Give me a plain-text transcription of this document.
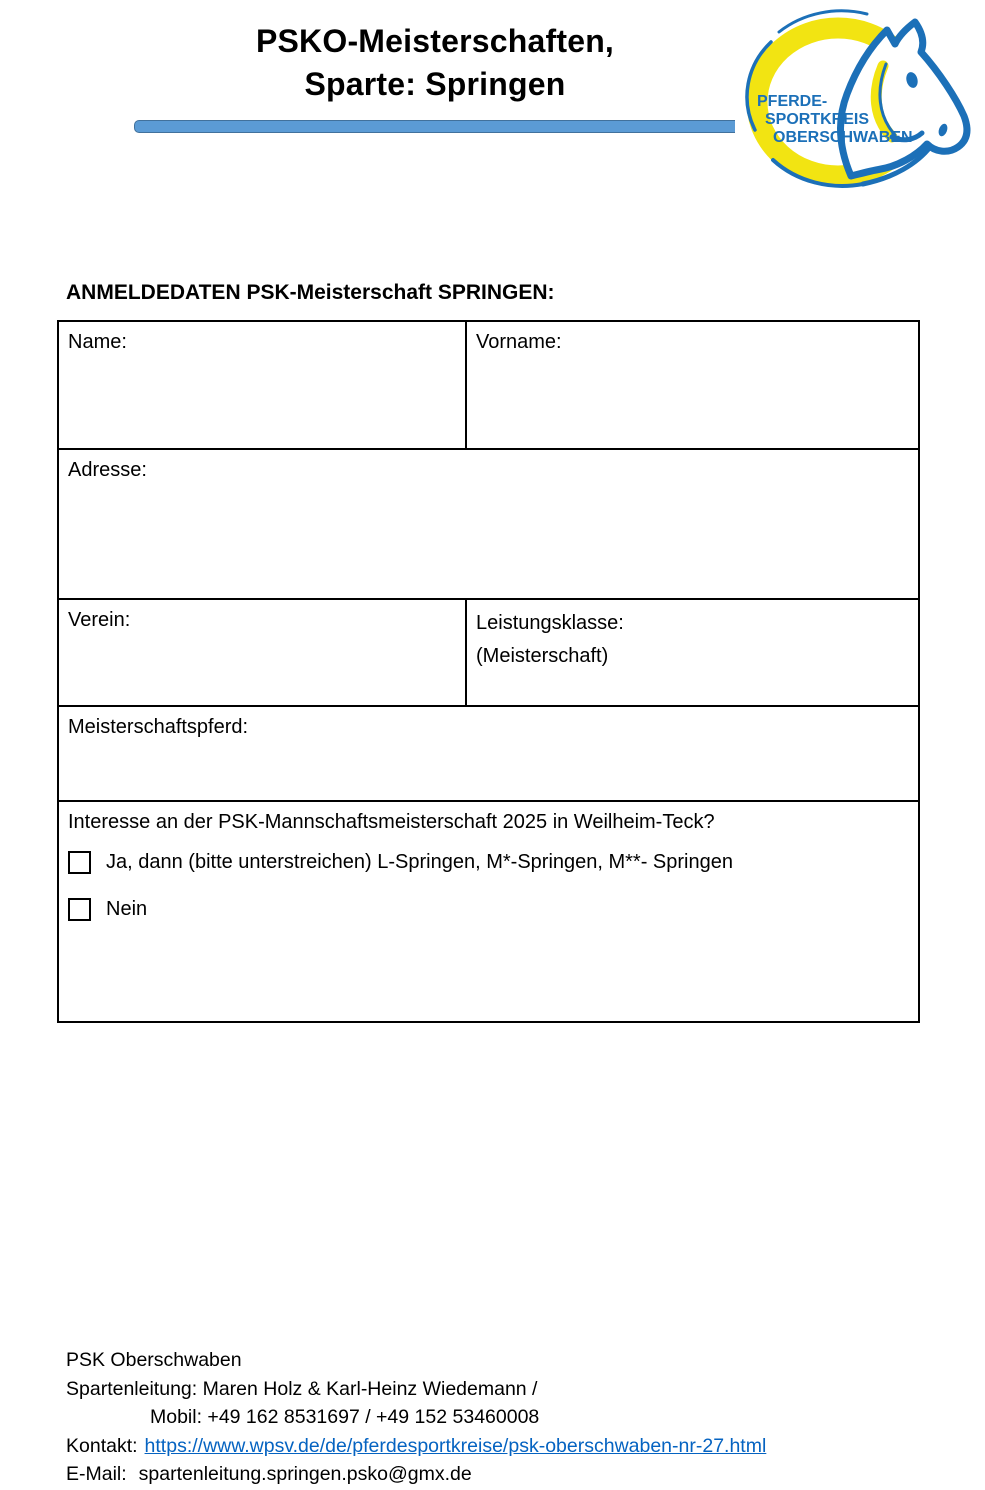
PSKO-Meisterschaften,
Sparte: Springen	PFERDE-
SPORTKREIS
OBERSCHWABEN
ANMELDEDATEN PSK-Meisterschaft SPRINGEN:
Name:	Vorname:
Adresse:
Verein:	Leistungsklasse:
(Meisterschaft)
Meisterschaftspferd:
Interesse an der PSK-Mannschaftsmeisterschaft 2025 in Weilheim-Teck?
Ja, dann (bitte unterstreichen) L-Springen, M*-Springen, M**- Springen
Nein
PSK Oberschwaben
Spartenleitung: Maren Holz & Karl-Heinz Wiedemann /
Mobil: +49 162 8531697 / +49 152 53460008
Kontakt: https://www.wpsv.de/de/pferdesportkreise/psk-oberschwaben-nr-27.html
E-Mail: spartenleitung.springen.psko@gmx.de
